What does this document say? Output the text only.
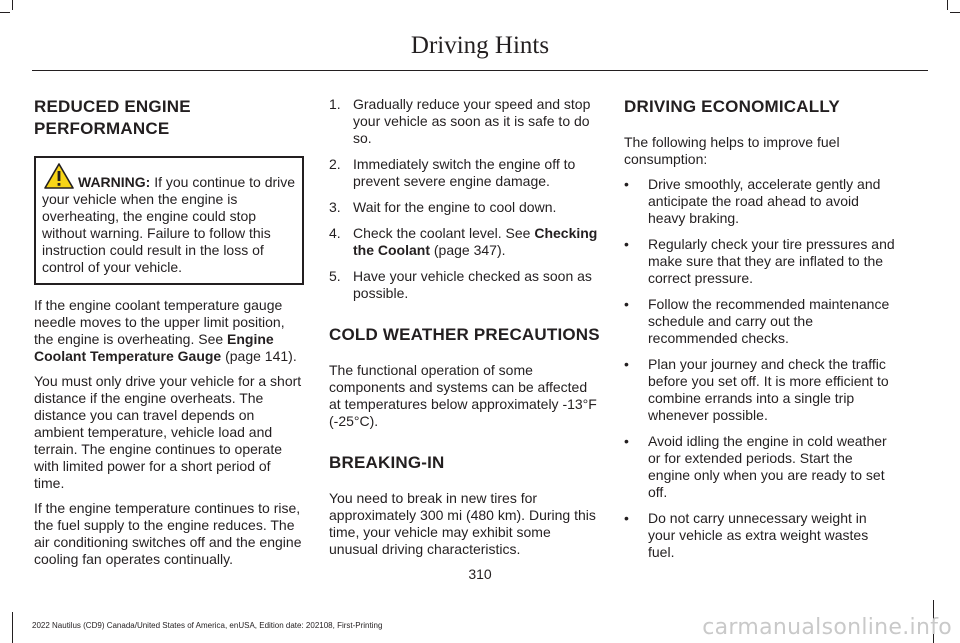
Driving Hints
REDUCED ENGINE PERFORMANCE

WARNING: If you continue to drive your vehicle when the engine is overheating, the engine could stop without warning. Failure to follow this instruction could result in the loss of control of your vehicle.

If the engine coolant temperature gauge needle moves to the upper limit position, the engine is overheating. See Engine Coolant Temperature Gauge (page 141).

You must only drive your vehicle for a short distance if the engine overheats. The distance you can travel depends on ambient temperature, vehicle load and terrain. The engine continues to operate with limited power for a short period of time.

If the engine temperature continues to rise, the fuel supply to the engine reduces. The air conditioning switches off and the engine cooling fan operates continually.

1. Gradually reduce your speed and stop your vehicle as soon as it is safe to do so.
2. Immediately switch the engine off to prevent severe engine damage.
3. Wait for the engine to cool down.
4. Check the coolant level. See Checking the Coolant (page 347).
5. Have your vehicle checked as soon as possible.
COLD WEATHER PRECAUTIONS

The functional operation of some components and systems can be affected at temperatures below approximately -13°F (-25°C).

BREAKING-IN

You need to break in new tires for approximately 300 mi (480 km). During this time, your vehicle may exhibit some unusual driving characteristics.

DRIVING ECONOMICALLY

The following helps to improve fuel consumption:

• Drive smoothly, accelerate gently and anticipate the road ahead to avoid heavy braking.
• Regularly check your tire pressures and make sure that they are inflated to the correct pressure.
• Follow the recommended maintenance schedule and carry out the recommended checks.
• Plan your journey and check the traffic before you set off. It is more efficient to combine errands into a single trip whenever possible.
• Avoid idling the engine in cold weather or for extended periods. Start the engine only when you are ready to set off.
• Do not carry unnecessary weight in your vehicle as extra weight wastes fuel.
310
2022 Nautilus (CD9) Canada/United States of America, enUSA, Edition date: 202108, First-Printing	carmanualsonline.info
